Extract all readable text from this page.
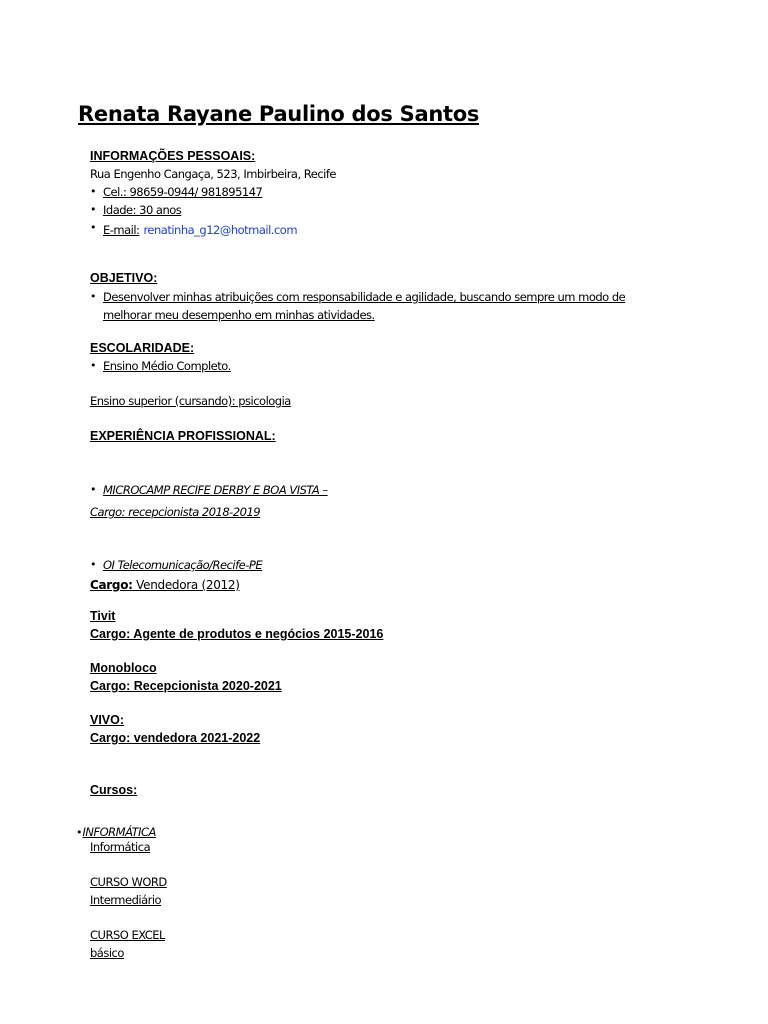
Renata Rayane Paulino dos Santos
INFORMAÇÕES PESSOAIS:
Rua Engenho Cangaça, 523, Imbirbeira, Recife
• Cel.: 98659-0944/ 981895147
• Idade: 30 anos
• E-mail: renatinha_g12@hotmail.com
OBJETIVO:
• Desenvolver minhas atribuições com responsabilidade e agilidade, buscando sempre um modo de
melhorar meu desempenho em minhas atividades.
ESCOLARIDADE:
• Ensino Médio Completo.
Ensino superior (cursando): psicologia
EXPERIÊNCIA PROFISSIONAL:
• MICROCAMP RECIFE DERBY E BOA VISTA –
Cargo: recepcionista 2018-2019
• OI Telecomunicação/Recife-PE
Cargo: Vendedora (2012)
Tivit
Cargo: Agente de produtos e negócios 2015-2016
Monobloco
Cargo: Recepcionista 2020-2021
VIVO:
Cargo: vendedora 2021-2022
Cursos:
•INFORMÁTICA
Informática
CURSO WORD
Intermediário
CURSO EXCEL
básico
